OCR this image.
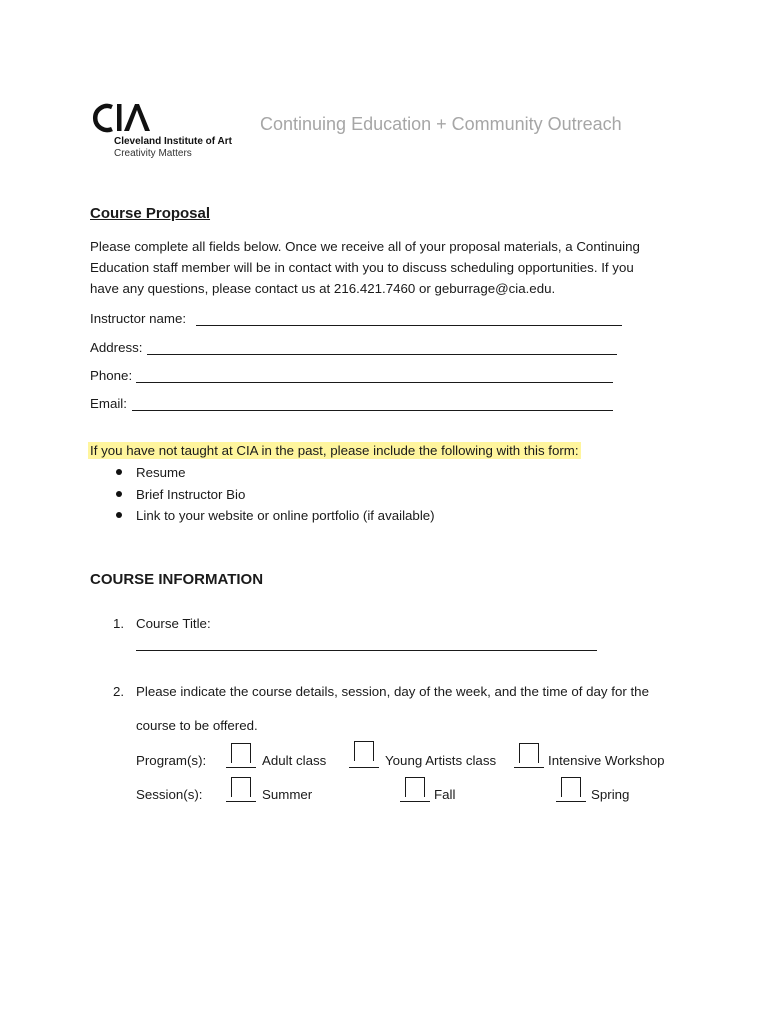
Cleveland Institute of Art
Creativity Matters
Continuing Education + Community Outreach
Course Proposal
Please complete all fields below. Once we receive all of your proposal materials, a Continuing
Education staff member will be in contact with you to discuss scheduling opportunities. If you
have any questions, please contact us at 216.421.7460 or geburrage@cia.edu.
Instructor name:
Address:
Phone:
Email:
If you have not taught at CIA in the past, please include the following with this form:
Resume
Brief Instructor Bio
Link to your website or online portfolio (if available)
COURSE INFORMATION
1. Course Title:
2. Please indicate the course details, session, day of the week, and the time of day for the
course to be offered.
Program(s):	Adult class	Young Artists class	Intensive Workshop
Session(s):	Summer	Fall	Spring
